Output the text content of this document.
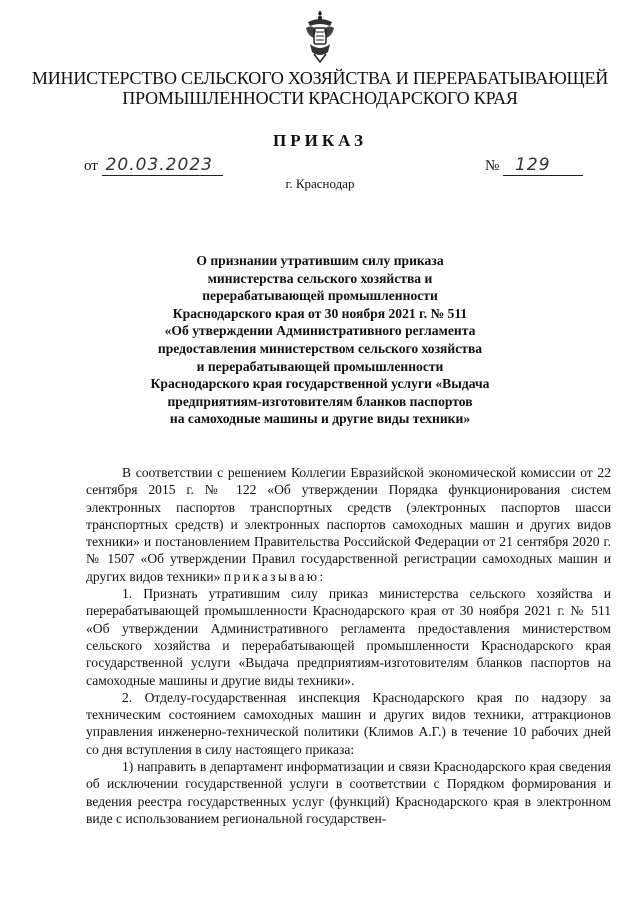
МИНИСТЕРСТВО СЕЛЬСКОГО ХОЗЯЙСТВА И ПЕРЕРАБАТЫВАЮЩЕЙ
ПРОМЫШЛЕННОСТИ КРАСНОДАРСКОГО КРАЯ
ПРИКАЗ
от 20.03.2023	№ 129
г. Краснодар
О признании утратившим силу приказа
министерства сельского хозяйства и
перерабатывающей промышленности
Краснодарского края от 30 ноября 2021 г. № 511
«Об утверждении Административного регламента
предоставления министерством сельского хозяйства
и перерабатывающей промышленности
Краснодарского края государственной услуги «Выдача
предприятиям-изготовителям бланков паспортов
на самоходные машины и другие виды техники»

В соответствии с решением Коллегии Евразийской экономической комиссии от 22 сентября 2015 г. № 122 «Об утверждении Порядка функционирования систем электронных паспортов транспортных средств (электронных паспортов шасси транспортных средств) и электронных паспортов самоходных машин и других видов техники» и постановлением Правительства Российской Федерации от 21 сентября 2020 г. № 1507 «Об утверждении Правил государственной регистрации самоходных машин и других видов техники» приказываю:

1. Признать утратившим силу приказ министерства сельского хозяйства и перерабатывающей промышленности Краснодарского края от 30 ноября 2021 г. № 511 «Об утверждении Административного регламента предоставления министерством сельского хозяйства и перерабатывающей промышленности Краснодарского края государственной услуги «Выдача предприятиям-изготовителям бланков паспортов на самоходные машины и другие виды техники».

2. Отделу-государственная инспекция Краснодарского края по надзору за техническим состоянием самоходных машин и других видов техники, аттракционов управления инженерно-технической политики (Климов А.Г.) в течение 10 рабочих дней со дня вступления в силу настоящего приказа:

1) направить в департамент информатизации и связи Краснодарского края сведения об исключении государственной услуги в соответствии с Порядком формирования и ведения реестра государственных услуг (функций) Краснодарского края в электронном виде с использованием региональной государствен-
